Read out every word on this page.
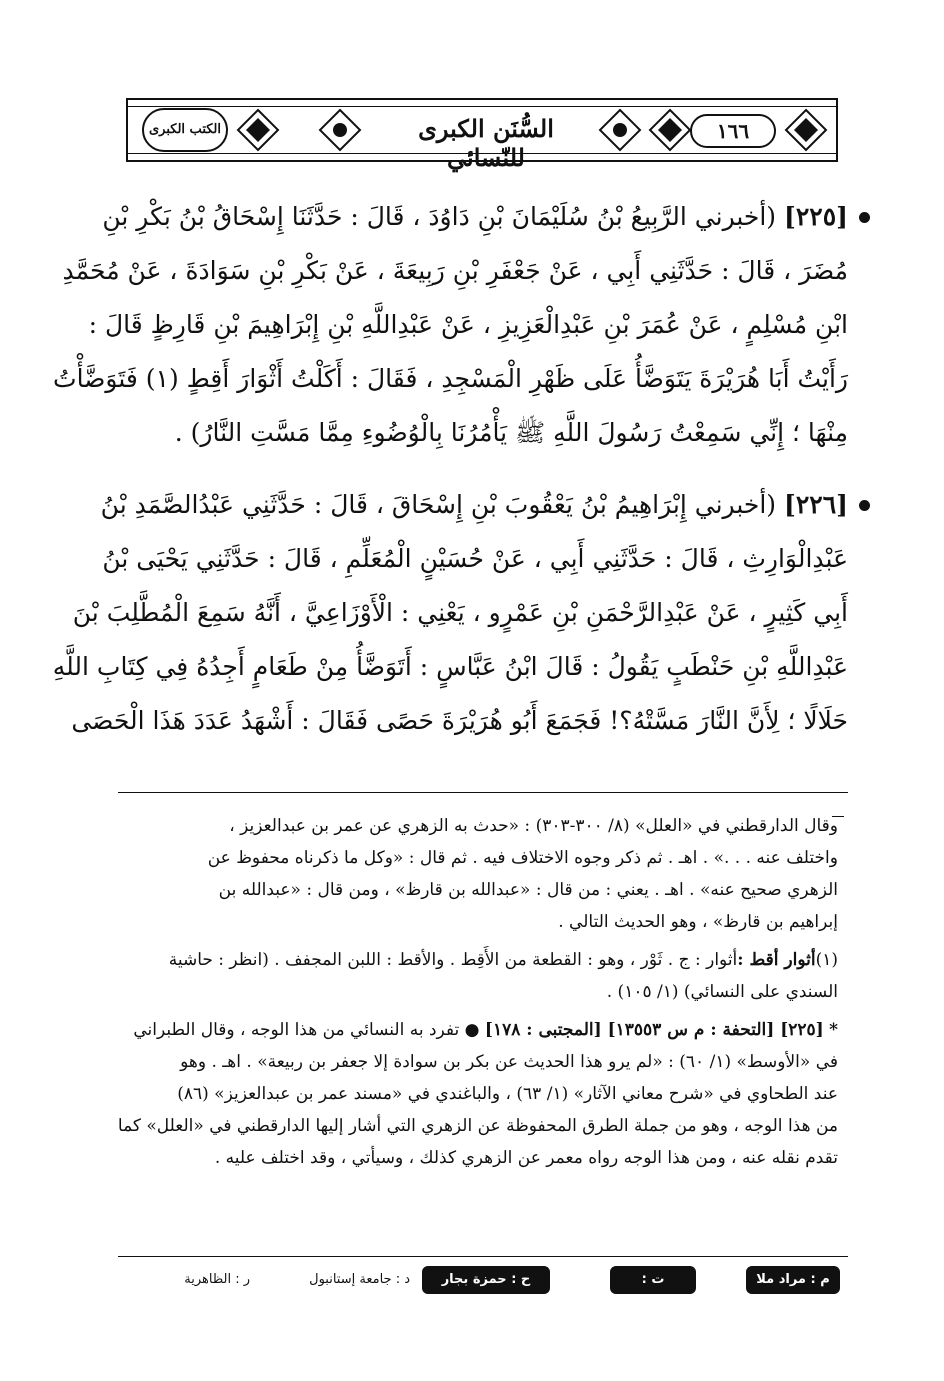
الكتب الكبرى	السُّنَن الكبرى للنّسائي
١٦٦
[٢٢٥] (أخبرني الرَّبِيعُ بْنُ سُلَيْمَانَ بْنِ دَاوُدَ ، قَالَ : حَدَّثَنَا إِسْحَاقُ بْنُ بَكْرِ بْنِ
مُضَرَ ، قَالَ : حَدَّثَنِي أَبِي ، عَنْ جَعْفَرِ بْنِ رَبِيعَةَ ، عَنْ بَكْرِ بْنِ سَوَادَةَ ، عَنْ مُحَمَّدِ
ابْنِ مُسْلِمٍ ، عَنْ عُمَرَ بْنِ عَبْدِالْعَزِيزِ ، عَنْ عَبْدِاللَّهِ بْنِ إِبْرَاهِيمَ بْنِ قَارِظٍ قَالَ :
رَأَيْتُ أَبَا هُرَيْرَةَ يَتَوَضَّأُ عَلَى ظَهْرِ الْمَسْجِدِ ، فَقَالَ : أَكَلْتُ أَثْوَارَ أَقِطٍ (١) فَتَوَضَّأْتُ
مِنْهَا ؛ إِنِّي سَمِعْتُ رَسُولَ اللَّهِ ﷺ يَأْمُرُنَا بِالْوُضُوءِ مِمَّا مَسَّتِ النَّارُ) .
[٢٢٦] (أخبرني إِبْرَاهِيمُ بْنُ يَعْقُوبَ بْنِ إِسْحَاقَ ، قَالَ : حَدَّثَنِي عَبْدُالصَّمَدِ بْنُ
عَبْدِالْوَارِثِ ، قَالَ : حَدَّثَنِي أَبِي ، عَنْ حُسَيْنٍ الْمُعَلِّمِ ، قَالَ : حَدَّثَنِي يَحْيَى بْنُ
أَبِي كَثِيرٍ ، عَنْ عَبْدِالرَّحْمَنِ بْنِ عَمْرٍو ، يَعْنِي : الْأَوْزَاعِيَّ ، أَنَّهُ سَمِعَ الْمُطَّلِبَ بْنَ
عَبْدِاللَّهِ بْنِ حَنْطَبٍ يَقُولُ : قَالَ ابْنُ عَبَّاسٍ : أَتَوَضَّأُ مِنْ طَعَامٍ أَجِدُهُ فِي كِتَابِ اللَّهِ
حَلَالًا ؛ لِأَنَّ النَّارَ مَسَّتْهُ؟! فَجَمَعَ أَبُو هُرَيْرَةَ حَصًى فَقَالَ : أَشْهَدُ عَدَدَ هَذَا الْحَصَى
وقال الدارقطني في «العلل» (٨/ ٣٠٠-٣٠٣) : «حدث به الزهري عن عمر بن عبدالعزيز ،
واختلف عنه . . .» . اهـ . ثم ذكر وجوه الاختلاف فيه . ثم قال : «وكل ما ذكرناه محفوظ عن
الزهري صحيح عنه» . اهـ . يعني : من قال : «عبدالله بن قارظ» ، ومن قال : «عبدالله بن
إبراهيم بن قارظ» ، وهو الحديث التالي .
(١)أثوار أقط :أثوار : ج . ثَوْر ، وهو : القطعة من الأَقِط . والأقط : اللبن المجفف . (انظر : حاشية
السندي على النسائي) (١/ ١٠٥) .
* [٢٢٥] [التحفة : م س ١٣٥٥٣] [المجتبى : ١٧٨] ● تفرد به النسائي من هذا الوجه ، وقال الطبراني
في «الأوسط» (١/ ٦٠) : «لم يرو هذا الحديث عن بكر بن سوادة إلا جعفر بن ربيعة» . اهـ . وهو
عند الطحاوي في «شرح معاني الآثار» (١/ ٦٣) ، والباغندي في «مسند عمر بن عبدالعزيز» (٨٦)
من هذا الوجه ، وهو من جملة الطرق المحفوظة عن الزهري التي أشار إليها الدارقطني في «العلل» كما
تقدم نقله عنه ، ومن هذا الوجه رواه معمر عن الزهري كذلك ، وسيأتي ، وقد اختلف عليه .
م : مراد ملا
ت : تطوان
ح : حمزة بجار الله
د : جامعة إستانبول
ر : الظاهرية
